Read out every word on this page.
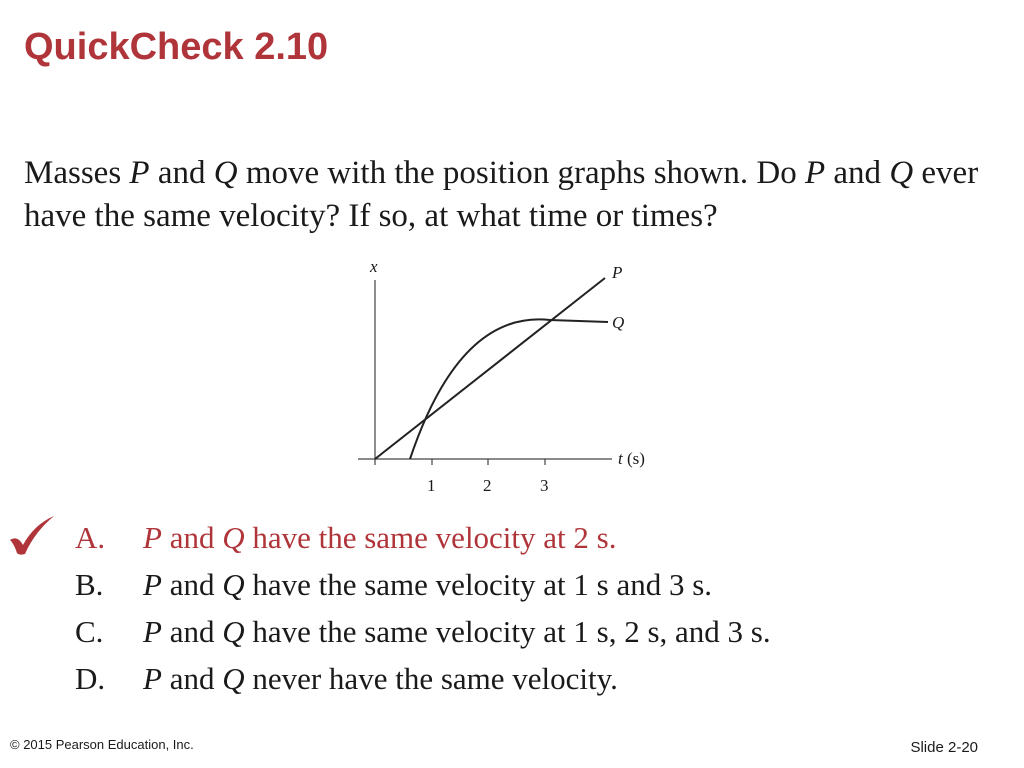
QuickCheck 2.10

Masses P and Q move with the position graphs shown. Do P and Q ever have the same velocity? If so, at what time or times?

x	P
Q
t (s)
1	2	3
A. P and Q have the same velocity at 2 s.
B. P and Q have the same velocity at 1 s and 3 s.
C. P and Q have the same velocity at 1 s, 2 s, and 3 s.
D. P and Q never have the same velocity.
© 2015 Pearson Education, Inc.	Slide 2-20
